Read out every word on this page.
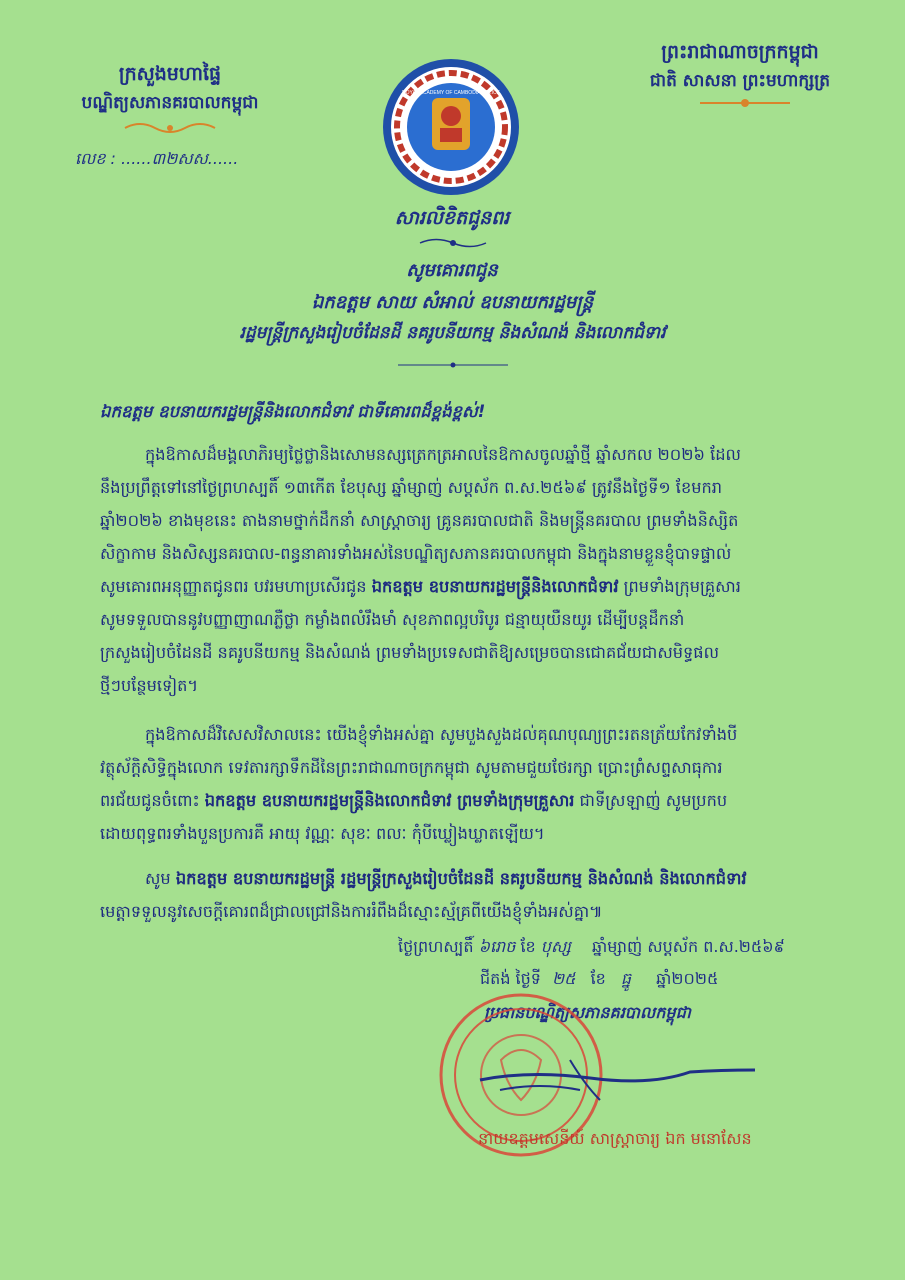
ក្រសួងមហាផ្ទៃ
បណ្ឌិត្យសភានគរបាលកម្ពុជា
លេខ : ......៣២សស......
ROYAL ACADEMY OF CAMBODIA POLICE
ព្រះរាជាណាចក្រកម្ពុជា
ជាតិ សាសនា ព្រះមហាក្សត្រ
សារលិខិតជូនពរ
សូមគោរពជូន
ឯកឧត្តម សាយ សំអាល់ ឧបនាយករដ្ឋមន្ត្រី
រដ្ឋមន្ត្រីក្រសួងរៀបចំដែនដី នគរូបនីយកម្ម និងសំណង់ និងលោកជំទាវ
ឯកឧត្តម ឧបនាយករដ្ឋមន្ត្រីនិងលោកជំទាវ ជាទីគោរពដ៏ខ្ពង់ខ្ពស់!
ក្នុងឱកាសដ៏មង្គលាភិរម្យថ្លៃថ្លានិងសោមនស្សត្រេកត្រអាលនៃឱកាសចូលឆ្នាំថ្មី ឆ្នាំសកល ២០២៦ ដែល
នឹងប្រព្រឹត្តទៅនៅថ្ងៃព្រហស្បតិ៍ ១៣កើត ខែបុស្ស ឆ្នាំម្សាញ់ សប្តស័ក ព.ស.២៥៦៩ ត្រូវនឹងថ្ងៃទី១ ខែមករា
ឆ្នាំ២០២៦ ខាងមុខនេះ តាងនាមថ្នាក់ដឹកនាំ សាស្ត្រាចារ្យ គ្រូនគរបាលជាតិ និងមន្ត្រីនគរបាល ព្រមទាំងនិស្សិត
សិក្ខាកាម និងសិស្សនគរបាល-ពន្ធនាគារទាំងអស់នៃបណ្ឌិត្យសភានគរបាលកម្ពុជា និងក្នុងនាមខ្លួនខ្ញុំបាទផ្ទាល់
សូមគោរពអនុញ្ញាតជូនពរ បវរមហាប្រសើរជូន ឯកឧត្តម ឧបនាយករដ្ឋមន្ត្រីនិងលោកជំទាវ ព្រមទាំងក្រុមគ្រួសារ
សូមទទួលបាននូវបញ្ញាញាណភ្លឺថ្លា កម្លាំងពលំរឹងមាំ សុខភាពល្អបរិបូរ ជន្មាយុយឺនយូរ ដើម្បីបន្តដឹកនាំ
ក្រសួងរៀបចំដែនដី នគរូបនីយកម្ម និងសំណង់ ព្រមទាំងប្រទេសជាតិឱ្យសម្រេចបានជោគជ័យជាសមិទ្ធផល
ថ្មីៗបន្ថែមទៀត។
ក្នុងឱកាសដ៏វិសេសវិសាលនេះ យើងខ្ញុំទាំងអស់គ្នា សូមបួងសួងដល់គុណបុណ្យព្រះរតនត្រ័យកែវទាំងបី
វត្ថុស័ក្តិសិទ្ធិក្នុងលោក ទេវតារក្សាទឹកដីនៃព្រះរាជាណាចក្រកម្ពុជា សូមតាមជួយថែរក្សា ប្រោះព្រំសព្ទសាធុការ
ពរជ័យជូនចំពោះ ឯកឧត្តម ឧបនាយករដ្ឋមន្ត្រីនិងលោកជំទាវ ព្រមទាំងក្រុមគ្រួសារ ជាទីស្រឡាញ់ សូមប្រកប
ដោយពុទ្ធពរទាំងបួនប្រការគឺ អាយុ វណ្ណៈ សុខៈ ពលៈ កុំបីឃ្លៀងឃ្លាតឡើយ។
សូម ឯកឧត្តម ឧបនាយករដ្ឋមន្ត្រី រដ្ឋមន្ត្រីក្រសួងរៀបចំដែនដី នគរូបនីយកម្ម និងសំណង់ និងលោកជំទាវ
មេត្តាទទួលនូវសេចក្តីគោរពដ៏ជ្រាលជ្រៅនិងការរំពឹងដ៏ស្មោះស្ម័គ្រពីយើងខ្ញុំទាំងអស់គ្នា៕
ថ្ងៃព្រហស្បតិ៍ ៦រោច ខែ បុស្ស ឆ្នាំម្សាញ់ សប្តស័ក ព.ស.២៥៦៩
ជីតង់ ថ្ងៃទី ២៥ ខែ ធ្នូ ឆ្នាំ២០២៥
ប្រធានបណ្ឌិត្យសភានគរបាលកម្ពុជា
នាយឧត្តមសេនីយ៍ សាស្ត្រាចារ្យ ឯក មនោសែន
